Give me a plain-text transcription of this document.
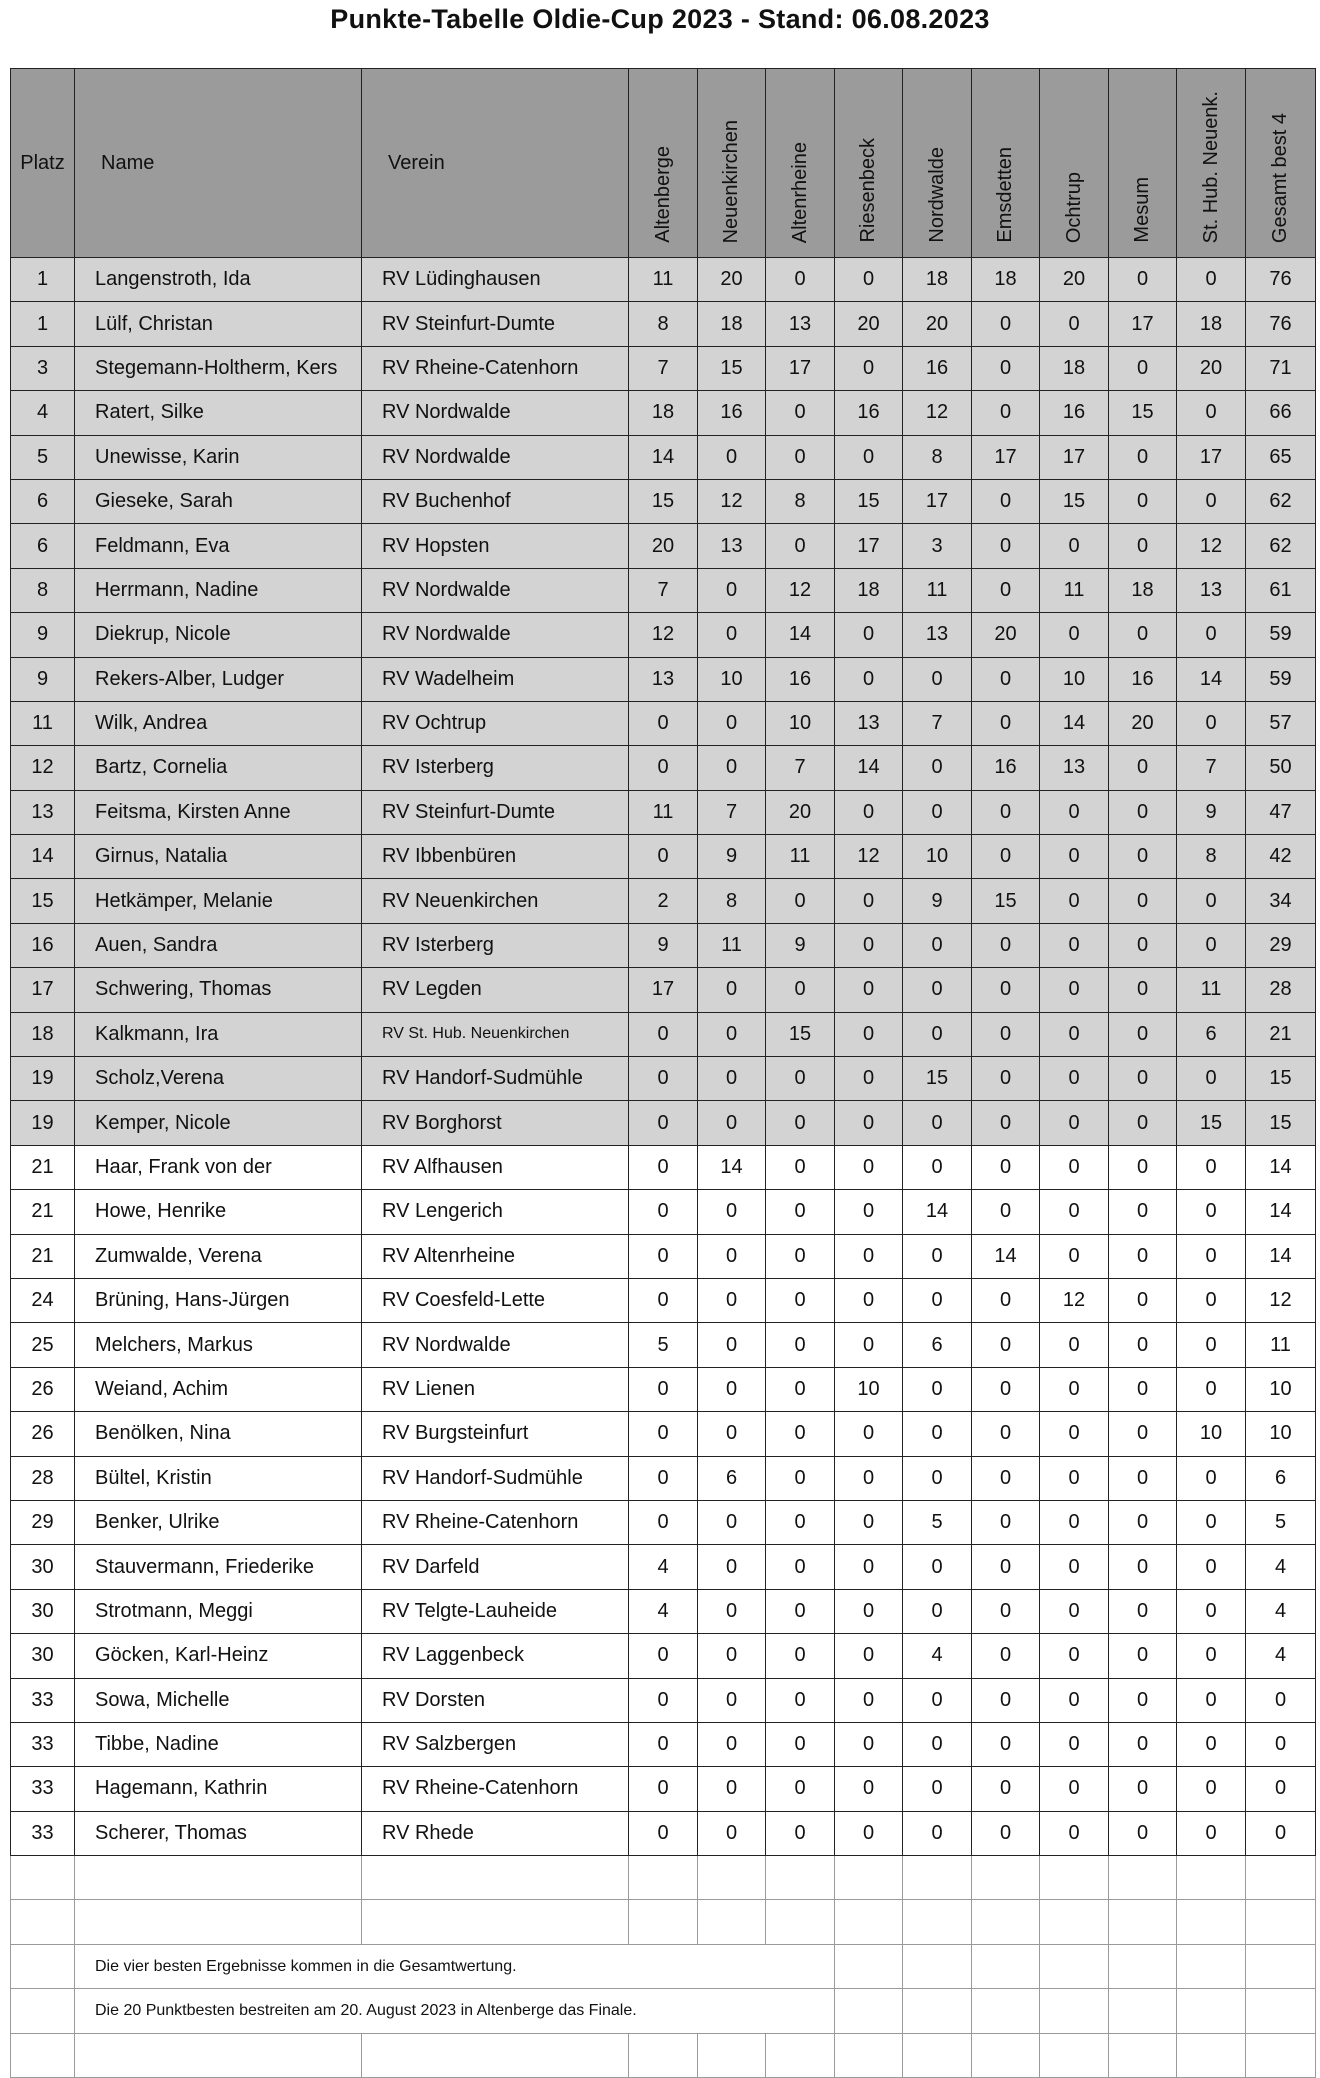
Punkte-Tabelle Oldie-Cup 2023 - Stand: 06.08.2023
Platz	Name	Verein	Altenberge	Neuenkirchen	Altenrheine	Riesenbeck	Nordwalde	Emsdetten	Ochtrup	Mesum	St. Hub. Neuenk.	Gesamt best 4
1	Langenstroth, Ida	RV Lüdinghausen	11	20	0	0	18	18	20	0	0	76
1	Lülf, Christan	RV Steinfurt-Dumte	8	18	13	20	20	0	0	17	18	76
3	Stegemann-Holtherm, Kers	RV Rheine-Catenhorn	7	15	17	0	16	0	18	0	20	71
4	Ratert, Silke	RV Nordwalde	18	16	0	16	12	0	16	15	0	66
5	Unewisse, Karin	RV Nordwalde	14	0	0	0	8	17	17	0	17	65
6	Gieseke, Sarah	RV Buchenhof	15	12	8	15	17	0	15	0	0	62
6	Feldmann, Eva	RV Hopsten	20	13	0	17	3	0	0	0	12	62
8	Herrmann, Nadine	RV Nordwalde	7	0	12	18	11	0	11	18	13	61
9	Diekrup, Nicole	RV Nordwalde	12	0	14	0	13	20	0	0	0	59
9	Rekers-Alber, Ludger	RV Wadelheim	13	10	16	0	0	0	10	16	14	59
11	Wilk, Andrea	RV Ochtrup	0	0	10	13	7	0	14	20	0	57
12	Bartz, Cornelia	RV Isterberg	0	0	7	14	0	16	13	0	7	50
13	Feitsma, Kirsten Anne	RV Steinfurt-Dumte	11	7	20	0	0	0	0	0	9	47
14	Girnus, Natalia	RV Ibbenbüren	0	9	11	12	10	0	0	0	8	42
15	Hetkämper, Melanie	RV Neuenkirchen	2	8	0	0	9	15	0	0	0	34
16	Auen, Sandra	RV Isterberg	9	11	9	0	0	0	0	0	0	29
17	Schwering, Thomas	RV Legden	17	0	0	0	0	0	0	0	11	28
18	Kalkmann, Ira	RV St. Hub. Neuenkirchen	0	0	15	0	0	0	0	0	6	21
19	Scholz,Verena	RV Handorf-Sudmühle	0	0	0	0	15	0	0	0	0	15
19	Kemper, Nicole	RV Borghorst	0	0	0	0	0	0	0	0	15	15
21	Haar, Frank von der	RV Alfhausen	0	14	0	0	0	0	0	0	0	14
21	Howe, Henrike	RV Lengerich	0	0	0	0	14	0	0	0	0	14
21	Zumwalde, Verena	RV Altenrheine	0	0	0	0	0	14	0	0	0	14
24	Brüning, Hans-Jürgen	RV Coesfeld-Lette	0	0	0	0	0	0	12	0	0	12
25	Melchers, Markus	RV Nordwalde	5	0	0	0	6	0	0	0	0	11
26	Weiand, Achim	RV Lienen	0	0	0	10	0	0	0	0	0	10
26	Benölken, Nina	RV Burgsteinfurt	0	0	0	0	0	0	0	0	10	10
28	Bültel, Kristin	RV Handorf-Sudmühle	0	6	0	0	0	0	0	0	0	6
29	Benker, Ulrike	RV Rheine-Catenhorn	0	0	0	0	5	0	0	0	0	5
30	Stauvermann, Friederike	RV Darfeld	4	0	0	0	0	0	0	0	0	4
30	Strotmann, Meggi	RV Telgte-Lauheide	4	0	0	0	0	0	0	0	0	4
30	Göcken, Karl-Heinz	RV Laggenbeck	0	0	0	0	4	0	0	0	0	4
33	Sowa, Michelle	RV Dorsten	0	0	0	0	0	0	0	0	0	0
33	Tibbe, Nadine	RV Salzbergen	0	0	0	0	0	0	0	0	0	0
33	Hagemann, Kathrin	RV Rheine-Catenhorn	0	0	0	0	0	0	0	0	0	0
33	Scherer, Thomas	RV Rhede	0	0	0	0	0	0	0	0	0	0

	Die vier besten Ergebnisse kommen in die Gesamtwertung.											
	Die 20 Punktbesten bestreiten am 20. August 2023 in Altenberge das Finale.											
